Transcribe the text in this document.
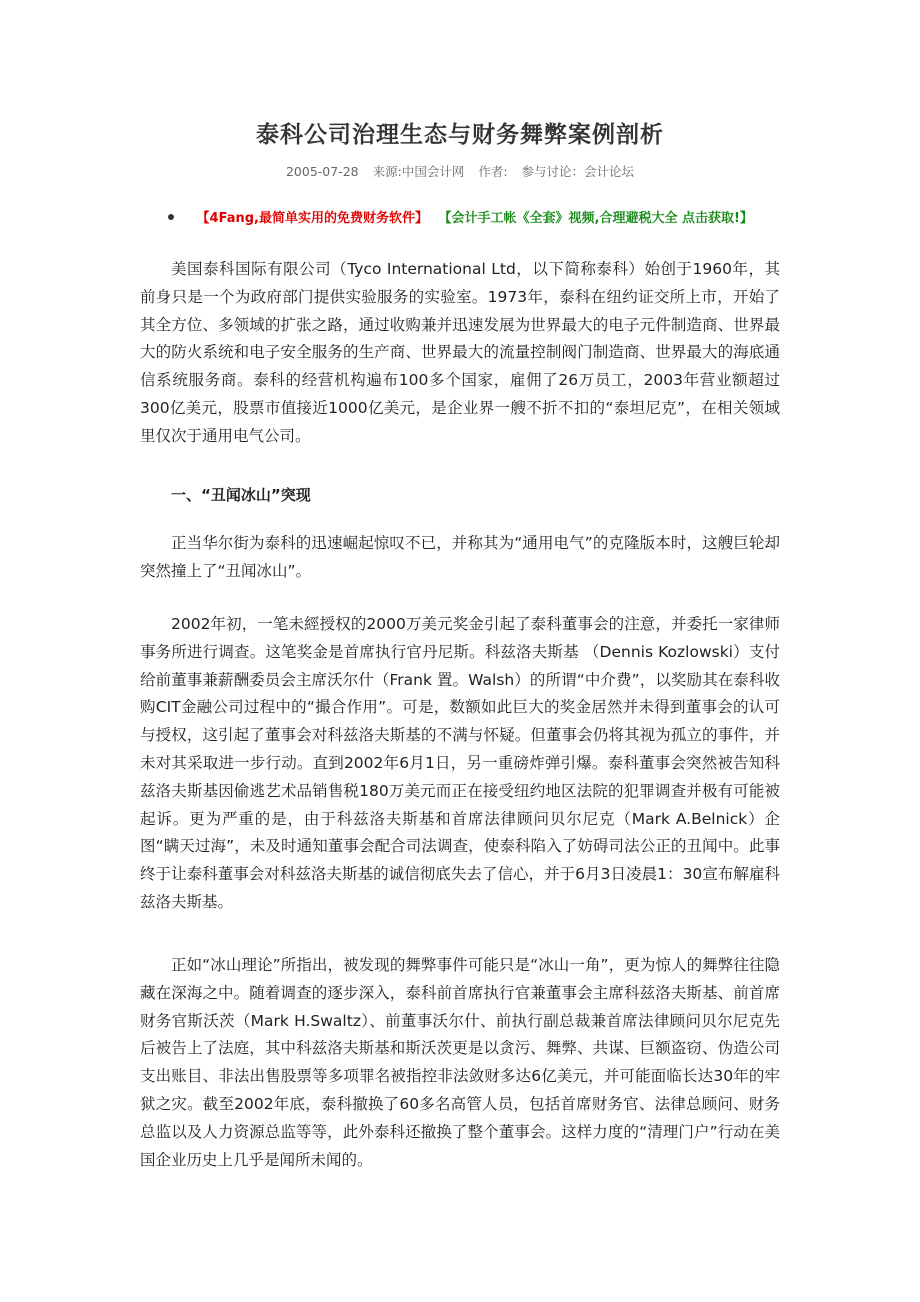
泰科公司治理生态与财务舞弊案例剖析
2005-07-28 来源:中国会计网 作者: 参与讨论：会计论坛
【4Fang,最简单实用的免费财务软件】 【会计手工帐《全套》视频,合理避税大全 点击获取!】

美国泰科国际有限公司（Tyco International Ltd，以下简称泰科）始创于1960年，其前身只是一个为政府部门提供实验服务的实验室。1973年，泰科在纽约证交所上市，开始了其全方位、多领域的扩张之路，通过收购兼并迅速发展为世界最大的电子元件制造商、世界最大的防火系统和电子安全服务的生产商、世界最大的流量控制阀门制造商、世界最大的海底通信系统服务商。泰科的经营机构遍布100多个国家，雇佣了26万员工，2003年营业额超过300亿美元，股票市值接近1000亿美元，是企业界一艘不折不扣的“泰坦尼克”，在相关领域里仅次于通用电气公司。

一、“丑闻冰山”突现

正当华尔街为泰科的迅速崛起惊叹不已，并称其为“通用电气”的克隆版本时，这艘巨轮却突然撞上了“丑闻冰山”。

2002年初，一笔未經授权的2000万美元奖金引起了泰科董事会的注意，并委托一家律师事务所进行调查。这笔奖金是首席执行官丹尼斯。科兹洛夫斯基 （Dennis Kozlowski）支付给前董事兼薪酬委员会主席沃尔什（Frank 置。Walsh）的所谓“中介费”，以奖励其在泰科收购CIT金融公司过程中的“撮合作用”。可是，数额如此巨大的奖金居然并未得到董事会的认可与授权，这引起了董事会对科兹洛夫斯基的不满与怀疑。但董事会仍将其视为孤立的事件，并未对其采取进一步行动。直到2002年6月1日，另一重磅炸弹引爆。泰科董事会突然被告知科兹洛夫斯基因偷逃艺术品销售税180万美元而正在接受纽约地区法院的犯罪调查并极有可能被起诉。更为严重的是，由于科兹洛夫斯基和首席法律顾问贝尔尼克（Mark A.Belnick）企图“瞒天过海”，未及时通知董事会配合司法调查，使泰科陷入了妨碍司法公正的丑闻中。此事终于让泰科董事会对科兹洛夫斯基的诚信彻底失去了信心，并于6月3日凌晨1：30宣布解雇科兹洛夫斯基。

正如“冰山理论”所指出，被发现的舞弊事件可能只是“冰山一角”，更为惊人的舞弊往往隐藏在深海之中。随着调查的逐步深入，泰科前首席执行官兼董事会主席科兹洛夫斯基、前首席财务官斯沃茨（Mark H.Swaltz）、前董事沃尔什、前执行副总裁兼首席法律顾问贝尔尼克先后被告上了法庭，其中科兹洛夫斯基和斯沃茨更是以贪污、舞弊、共谋、巨额盗窃、伪造公司支出账目、非法出售股票等多项罪名被指控非法敛财多达6亿美元，并可能面临长达30年的牢狱之灾。截至2002年底，泰科撤换了60多名高管人员，包括首席财务官、法律总顾问、财务总监以及人力资源总监等等，此外泰科还撤换了整个董事会。这样力度的“清理门户”行动在美国企业历史上几乎是闻所未闻的。
